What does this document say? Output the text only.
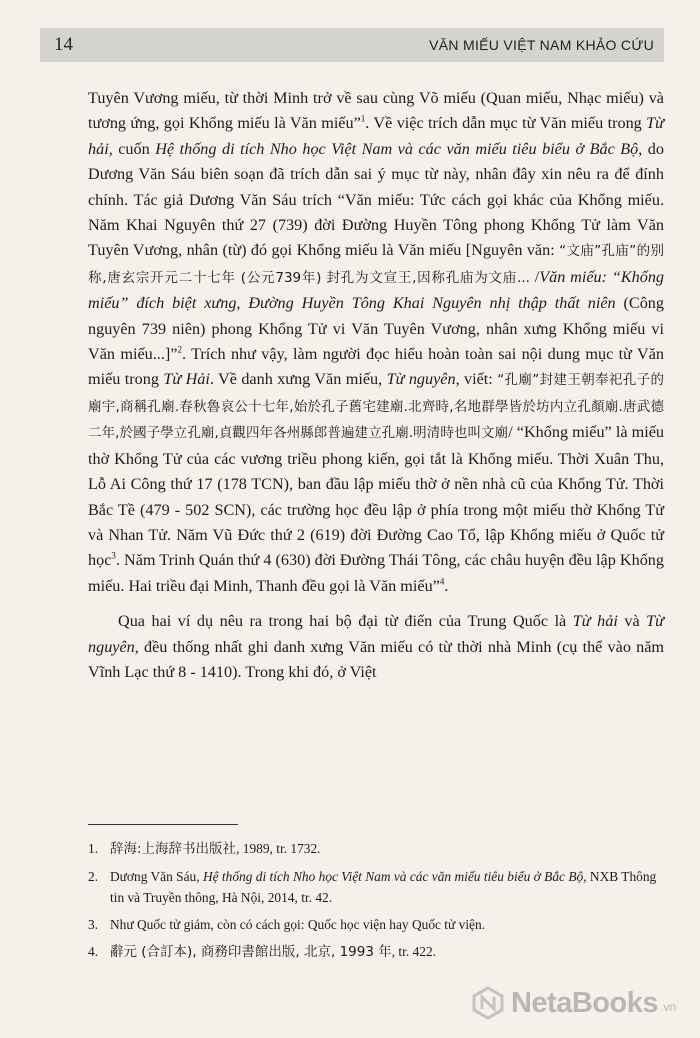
14	VĂN MIẾU VIỆT NAM KHẢO CỨU

Tuyên Vương miếu, từ thời Minh trở về sau cùng Võ miếu (Quan miếu, Nhạc miếu) và tương ứng, gọi Khổng miếu là Văn miếu”$^1$. Về việc trích dẫn mục từ Văn miếu trong Từ hải, cuốn Hệ thống di tích Nho học Việt Nam và các văn miếu tiêu biểu ở Bắc Bộ, do Dương Văn Sáu biên soạn đã trích dẫn sai ý mục từ này, nhân đây xin nêu ra để đính chính. Tác giả Dương Văn Sáu trích “Văn miếu: Tức cách gọi khác của Khổng miếu. Năm Khai Nguyên thứ 27 (739) đời Đường Huyền Tông phong Khổng Tử làm Văn Tuyên Vương, nhân (từ) đó gọi Khổng miếu là Văn miếu [Nguyên văn: “文庙”孔庙”的别称,唐玄宗开元二十七年 (公元739年) 封孔为文宣王,因称孔庙为文庙... /Văn miếu: “Khổng miếu” đích biệt xưng, Đường Huyền Tông Khai Nguyên nhị thập thất niên (Công nguyên 739 niên) phong Khổng Tử vi Văn Tuyên Vương, nhân xưng Khổng miếu vi Văn miếu...]”$^2$. Trích như vậy, làm người đọc hiểu hoàn toàn sai nội dung mục từ Văn miếu trong Từ Hải. Về danh xưng Văn miếu, Từ nguyên, viết: “孔廟”封建王朝奉祀孔子的廟宇,商稱孔廟.春秋魯哀公十七年,始於孔子舊宅建廟.北齊時,名地群學皆於坊内立孔顏廟.唐武德二年,於國子學立孔廟,貞觀四年各州縣郎普遍建立孔廟.明清時也叫文廟/ “Khổng miếu” là miếu thờ Khổng Tử của các vương triều phong kiến, gọi tắt là Khổng miếu. Thời Xuân Thu, Lỗ Ai Công thứ 17 (178 TCN), ban đầu lập miếu thờ ở nền nhà cũ của Khổng Tử. Thời Bắc Tề (479 - 502 SCN), các trường học đều lập ở phía trong một miếu thờ Khổng Tử và Nhan Tử. Năm Vũ Đức thứ 2 (619) đời Đường Cao Tổ, lập Khổng miếu ở Quốc tử học$^3$. Năm Trinh Quán thứ 4 (630) đời Đường Thái Tông, các châu huyện đều lập Khổng miếu. Hai triều đại Minh, Thanh đều gọi là Văn miếu”$^4$.

Qua hai ví dụ nêu ra trong hai bộ đại từ điển của Trung Quốc là Từ hải và Từ nguyên, đều thống nhất ghi danh xưng Văn miếu có từ thời nhà Minh (cụ thể vào năm Vĩnh Lạc thứ 8 - 1410). Trong khi đó, ở Việt

1. 辞海:上海辞书出版社, 1989, tr. 1732.
2. Dương Văn Sáu, Hệ thống di tích Nho học Việt Nam và các văn miếu tiêu biểu ở Bắc Bộ, NXB Thông tin và Truyền thông, Hà Nội, 2014, tr. 42.
3. Như Quốc tử giám, còn có cách gọi: Quốc học viện hay Quốc tử viện.
4. 辭元 (合訂本), 商務印書館出版, 北京, 1993 年, tr. 422.
NetaBooks .vn
